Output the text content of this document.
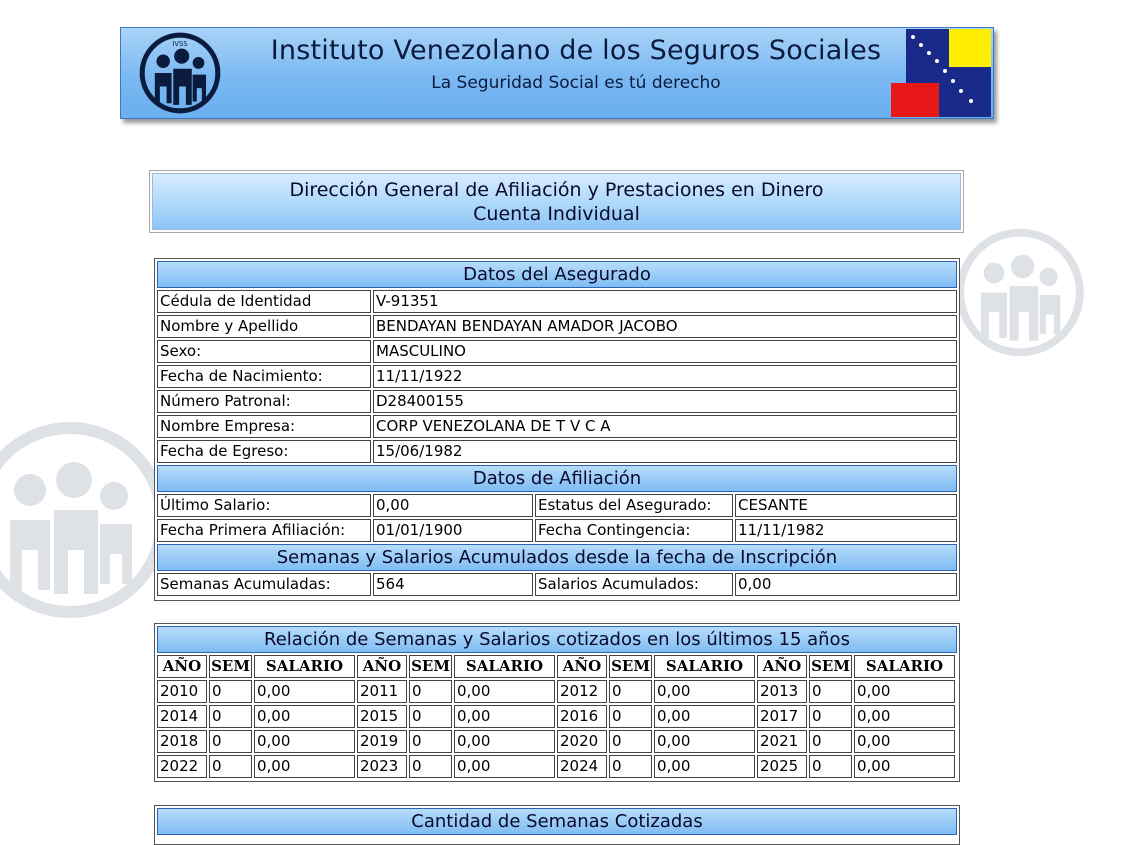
IVSS	Instituto Venezolano de los Seguros Sociales
La Seguridad Social es tú derecho
Dirección General de Afiliación y Prestaciones en Dinero
Cuenta Individual
Datos del Asegurado
Cédula de Identidad	V-91351
Nombre y Apellido	BENDAYAN BENDAYAN AMADOR JACOBO
Sexo:	MASCULINO
Fecha de Nacimiento:	11/11/1922
Número Patronal:	D28400155
Nombre Empresa:	CORP VENEZOLANA DE T V C A
Fecha de Egreso:	15/06/1982
Datos de Afiliación
Último Salario:	0,00	Estatus del Asegurado:	CESANTE
Fecha Primera Afiliación:	01/01/1900	Fecha Contingencia:	11/11/1982
Semanas y Salarios Acumulados desde la fecha de Inscripción
Semanas Acumuladas:	564	Salarios Acumulados:	0,00
Relación de Semanas y Salarios cotizados en los últimos 15 años
AÑO SEM	SALARIO	AÑO SEM	SALARIO	AÑO SEM	SALARIO	AÑO SEM	SALARIO
2010 0	0,00	2011 0	0,00	2012 0	0,00	2013 0	0,00
2014 0	0,00	2015 0	0,00	2016 0	0,00	2017 0	0,00
2018 0	0,00	2019 0	0,00	2020 0	0,00	2021 0	0,00
2022 0	0,00	2023 0	0,00	2024 0	0,00	2025 0	0,00
Cantidad de Semanas Cotizadas
